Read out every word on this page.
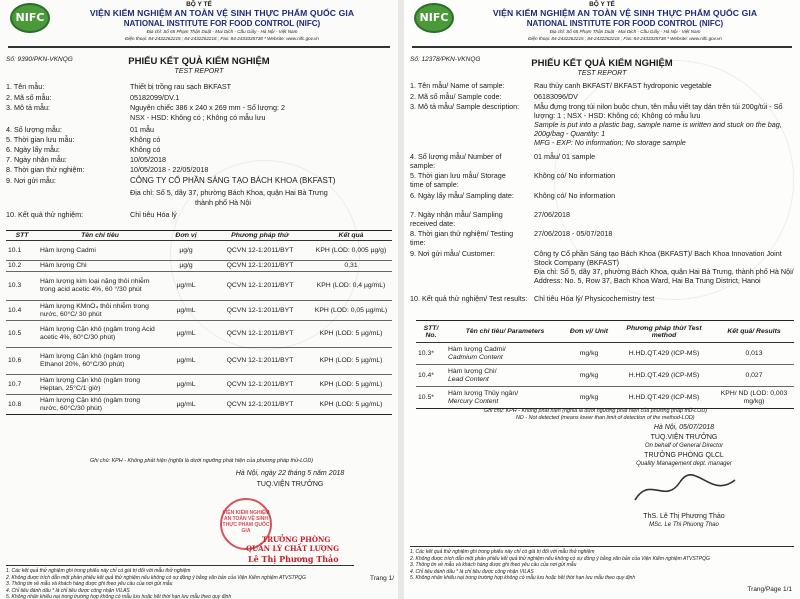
BỘ Y TẾ
NIFC	VIỆN KIỂM NGHIỆM AN TOÀN VỆ SINH THỰC PHẨM QUỐC GIA
NATIONAL INSTITUTE FOR FOOD CONTROL (NIFC)
Địa chỉ: Số 65 Phạm Thận Duật - Mai Dịch - Cầu Giấy - Hà Nội - Việt Nam
Điện thoại: 84-2432262215 ; 84-2432262216 ; Fax: 84-2433335738 * Website: www.nifc.gov.vn
Số: 9390/PKN-VKNQG	PHIẾU KẾT QUẢ KIỂM NGHIỆM
TEST REPORT
1. Tên mẫu:	Thiết bị trồng rau sạch BKFAST
2. Mã số mẫu:	05182099/DV.1
3. Mô tả mẫu:	Nguyên chiếc 386 x 240 x 269 mm - Số lượng: 2
NSX - HSD: Không có ; Không có mẫu lưu
4. Số lượng mẫu:	01 mẫu
5. Thời gian lưu mẫu:	Không có
6. Ngày lấy mẫu:	Không có
7. Ngày nhận mẫu:	10/05/2018
8. Thời gian thử nghiệm:	10/05/2018 - 22/05/2018
9. Nơi gửi mẫu:	CÔNG TY CỔ PHẦN SÁNG TẠO BÁCH KHOA (BKFAST)
Địa chỉ: Số 5, dãy 37, phường Bách Khoa, quận Hai Bà Trưng
thành phố Hà Nội
10. Kết quả thử nghiệm:	Chỉ tiêu Hóa lý
STT	Tên chỉ tiêu	Đơn vị	Phương pháp thử	Kết quả
10.1	Hàm lượng Cadmi	µg/g	QCVN 12-1:2011/BYT	KPH (LOD: 0,005 µg/g)
10.2	Hàm lượng Chì	µg/g	QCVN 12-1:2011/BYT	0,31
10.3	Hàm lượng kim loại nặng thôi nhiễm trong acid acetic 4%, 60 °/30 phút	µg/mL	QCVN 12-1:2011/BYT	KPH (LOD: 0,4 µg/mL)
10.4	Hàm lượng KMnO₄ thôi nhiễm trong nước, 60°C/ 30 phút	µg/mL	QCVN 12-1:2011/BYT	KPH (LOD: 0,05 µg/mL)
10.5	Hàm lượng Cặn khô (ngâm trong Acid acetic 4%, 60°C/30 phút)	µg/mL	QCVN 12-1:2011/BYT	KPH (LOD: 5 µg/mL)
10.6	Hàm lượng Cặn khô (ngâm trong Ethanol 20%, 60°C/30 phút)	µg/mL	QCVN 12-1:2011/BYT	KPH (LOD: 5 µg/mL)
10.7	Hàm lượng Cặn khô (ngâm trong Heptan, 25°C/1 giờ)	µg/mL	QCVN 12-1:2011/BYT	KPH (LOD: 5 µg/mL)
10.8	Hàm lượng Cặn khô (ngâm trong nước, 60°C/30 phút)	µg/mL	QCVN 12-1:2011/BYT	KPH (LOD: 5 µg/mL)
Ghi chú: KPH - Không phát hiện (nghĩa là dưới ngưỡng phát hiện của phương pháp thử-LOD)
Hà Nội, ngày 22 tháng 5 năm 2018
TUQ.VIỆN TRƯỞNG
VIỆN KIỂM NGHIỆM AN TOÀN VỆ SINH THỰC PHẨM QUỐC GIA
TRƯỞNG PHÒNG
QUẢN LÝ CHẤT LƯỢNG
Lê Thị Phương Thảo
1. Các kết quả thử nghiệm ghi trong phiếu này chỉ có giá trị đối với mẫu thử nghiệm
2. Không được trích dẫn một phần phiếu kết quả thử nghiệm nếu không có sự đồng ý bằng văn bản của Viện Kiểm nghiệm ATVSTPQG
3. Thông tin về mẫu và khách hàng được ghi theo yêu cầu của nơi gửi mẫu
4. Chỉ tiêu đánh dấu * là chỉ tiêu được công nhận VILAS
5. Không nhận khiếu nại trong trường hợp không có mẫu lưu hoặc hết thời hạn lưu mẫu theo quy định
Trang 1/
BỘ Y TẾ
NIFC	VIỆN KIỂM NGHIỆM AN TOÀN VỆ SINH THỰC PHẨM QUỐC GIA
NATIONAL INSTITUTE FOR FOOD CONTROL (NIFC)
Địa chỉ: Số 65 Phạm Thận Duật - Mai Dịch - Cầu Giấy - Hà Nội - Việt Nam
Điện thoại: 84-2432262215 ; 84-2432262216 ; Fax: 84-2433335738 * Website: www.nifc.gov.vn
Số: 12378/PKN-VKNQG	PHIẾU KẾT QUẢ KIỂM NGHIỆM
TEST REPORT
1. Tên mẫu/ Name of sample:	Rau thủy canh BKFAST/ BKFAST hydroponic vegetable
2. Mã số mẫu/ Sample code:	06183096/DV
3. Mô tả mẫu/ Sample description: Mẫu đựng trong túi nilon buộc chun, tên mẫu viết tay dán trên túi 200g/túi - Số lượng: 1 ; NSX - HSD: Không có; Không có mẫu lưu
Sample is put into a plastic bag, sample name is written and stuck on the bag, 200g/bag - Quantity: 1
MFG - EXP: No information; No storage sample
4. Số lượng mẫu/ Number of sample:
01 mẫu/ 01 sample
5. Thời gian lưu mẫu/ Storage time of sample:
Không có/ No information
6. Ngày lấy mẫu/ Sampling date:	Không có/ No information
7. Ngày nhận mẫu/ Sampling received date:
27/06/2018
8. Thời gian thử nghiệm/ Testing time:
27/06/2018 - 05/07/2018
9. Nơi gửi mẫu/ Customer:	Công ty Cổ phần Sáng tạo Bách Khoa (BKFAST)/ Bach Khoa Innovation Joint Stock Company (BKFAST)
Địa chỉ: Số 5, dãy 37, phường Bách Khoa, quận Hai Bà Trưng, thành phố Hà Nội/ Address: No. 5, Row 37, Bach Khoa Ward, Hai Ba Trung District, Hanoi
10. Kết quả thử nghiệm/ Test results: Chỉ tiêu Hóa lý/ Physicochemistry test
STT/ No.	Tên chỉ tiêu/ Parameters	Đơn vị/ Unit	Phương pháp thử/ Test method	Kết quả/ Results
10.3*	Hàm lượng Cadmi/
Cadmium Content	mg/kg	H.HD.QT.429 (ICP-MS)	0,013
10.4*	Hàm lượng Chì/
Lead Content	mg/kg	H.HD.QT.429 (ICP-MS)	0,027
10.5*	Hàm lượng Thủy ngân/
Mercury Content	mg/kg	H.HD.QT.429 (ICP-MS)	KPH/ ND (LOD: 0,003 mg/kg)
Ghi chú: KPH - Không phát hiện (nghĩa là dưới ngưỡng phát hiện của phương pháp thử-LOD)
ND - Not detected (means lower than limit of detection of the method-LOD)
Hà Nội, 05/07/2018
TUQ.VIỆN TRƯỞNG
On behalf of General Director
TRƯỞNG PHÒNG QLCL
Quality Management dept. manager
ThS. Lê Thị Phương Thảo
MSc. Le Thi Phuong Thao
1. Các kết quả thử nghiệm ghi trong phiếu này chỉ có giá trị đối với mẫu thử nghiệm
2. Không được trích dẫn một phần phiếu kết quả thử nghiệm nếu không có sự đồng ý bằng văn bản của Viện Kiểm nghiệm ATVSTPQG
3. Thông tin về mẫu và khách hàng được ghi theo yêu cầu của nơi gửi mẫu
4. Chỉ tiêu đánh dấu * là chỉ tiêu được công nhận VILAS
5. Không nhận khiếu nại trong trường hợp không có mẫu lưu hoặc hết thời hạn lưu mẫu theo quy định
Trang/Page 1/1
